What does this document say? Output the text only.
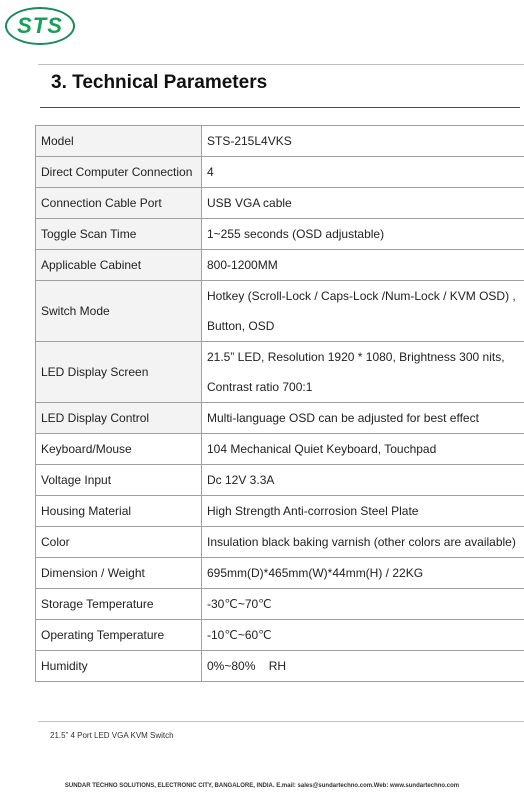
STS
3. Technical Parameters
Model	STS-215L4VKS

Direct Computer Connection	4

Connection Cable Port	USB VGA cable

Toggle Scan Time	1~255 seconds (OSD adjustable)

Applicable Cabinet	800-1200MM

Switch Mode	Hotkey (Scroll-Lock / Caps-Lock /Num-Lock / KVM OSD) ,
Button, OSD

LED Display Screen	21.5” LED, Resolution 1920 * 1080, Brightness 300 nits,
Contrast ratio 700:1

LED Display Control	Multi-language OSD can be adjusted for best effect

Keyboard/Mouse	104 Mechanical Quiet Keyboard, Touchpad

Voltage Input	Dc 12V 3.3A

Housing Material	High Strength Anti-corrosion Steel Plate

Color	Insulation black baking varnish (other colors are available)

Dimension / Weight	695mm(D)*465mm(W)*44mm(H) / 22KG

Storage Temperature	-30℃~70℃

Operating Temperature	-10℃~60℃

Humidity	0%~80%    RH
21.5” 4 Port LED VGA KVM Switch
SUNDAR TECHNO SOLUTIONS, ELECTRONIC CITY, BANGALORE, INDIA. E.mail: sales@sundartechno.com.Web: www.sundartechno.com
